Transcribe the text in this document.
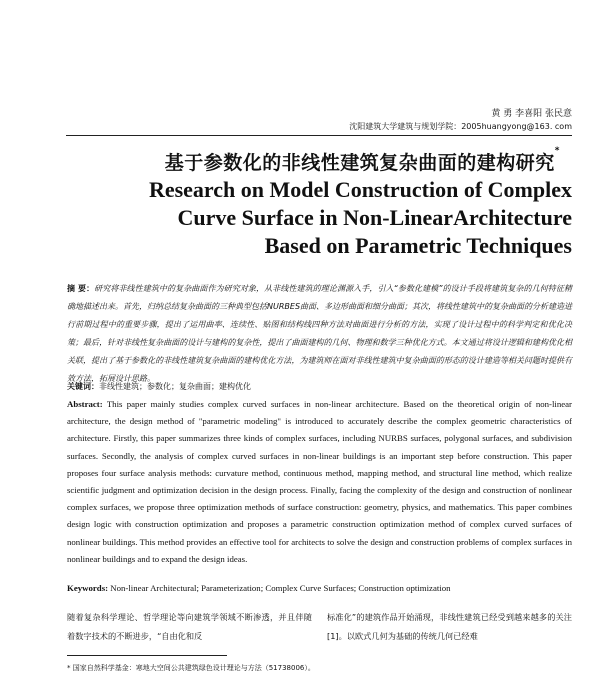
黄 勇 李喜阳 张民意
沈阳建筑大学建筑与规划学院：2005huangyong@163. com
基于参数化的非线性建筑复杂曲面的建构研究*
Research on Model Construction of Complex
Curve Surface in Non-LinearArchitecture
Based on Parametric Techniques
摘 要：研究将非线性建筑中的复杂曲面作为研究对象，从非线性建筑的理论渊源入手，引入“参数化建模”的设计手段将建筑复杂的几何特征精确地描述出来。首先，归纳总结复杂曲面的三种典型包括NURBES曲面、多边形曲面和细分曲面；其次，将线性建筑中的复杂曲面的分析建造进行前期过程中的重要步骤，提出了运用曲率、连续性、贴图和结构线四种方法对曲面进行分析的方法，实现了设计过程中的科学判定和优化决策；最后，针对非线性复杂曲面的设计与建构的复杂性，提出了曲面建构的几何、物理和数学三种优化方式。本文通过将设计逻辑和建构优化相关联，提出了基于参数化的非线性建筑复杂曲面的建构优化方法，为建筑师在面对非线性建筑中复杂曲面的形态的设计建造等相关问题时提供有效方法，拓展设计思路。
关键词：非线性建筑；参数化；复杂曲面；建构优化
Abstract: This paper mainly studies complex curved surfaces in non-linear architecture. Based on the theoretical origin of non-linear architecture, the design method of "parametric modeling" is introduced to accurately describe the complex geometric characteristics of architecture. Firstly, this paper summarizes three kinds of complex surfaces, including NURBS surfaces, polygonal surfaces, and subdivision surfaces. Secondly, the analysis of complex curved surfaces in non-linear buildings is an important step before construction. This paper proposes four surface analysis methods: curvature method, continuous method, mapping method, and structural line method, which realize scientific judgment and optimization decision in the design process. Finally, facing the complexity of the design and construction of nonlinear complex surfaces, we propose three optimization methods of surface construction: geometry, physics, and mathematics. This paper combines design logic with construction optimization and proposes a parametric construction optimization method of complex curved surfaces of nonlinear buildings. This method provides an effective tool for architects to solve the design and construction problems of complex surfaces in nonlinear buildings and to expand the design ideas.
Keywords: Non-linear Architectural; Parameterization; Complex Curve Surfaces; Construction optimization
随着复杂科学理论、哲学理论等向建筑学领域不断渗透，并且伴随着数字技术的不断进步，“自由化和反
标准化”的建筑作品开始涌现，非线性建筑已经受到越来越多的关注[1]。以欧式几何为基础的传统几何已经难
* 国家自然科学基金：寒地大空间公共建筑绿色设计理论与方法（51738006）。
